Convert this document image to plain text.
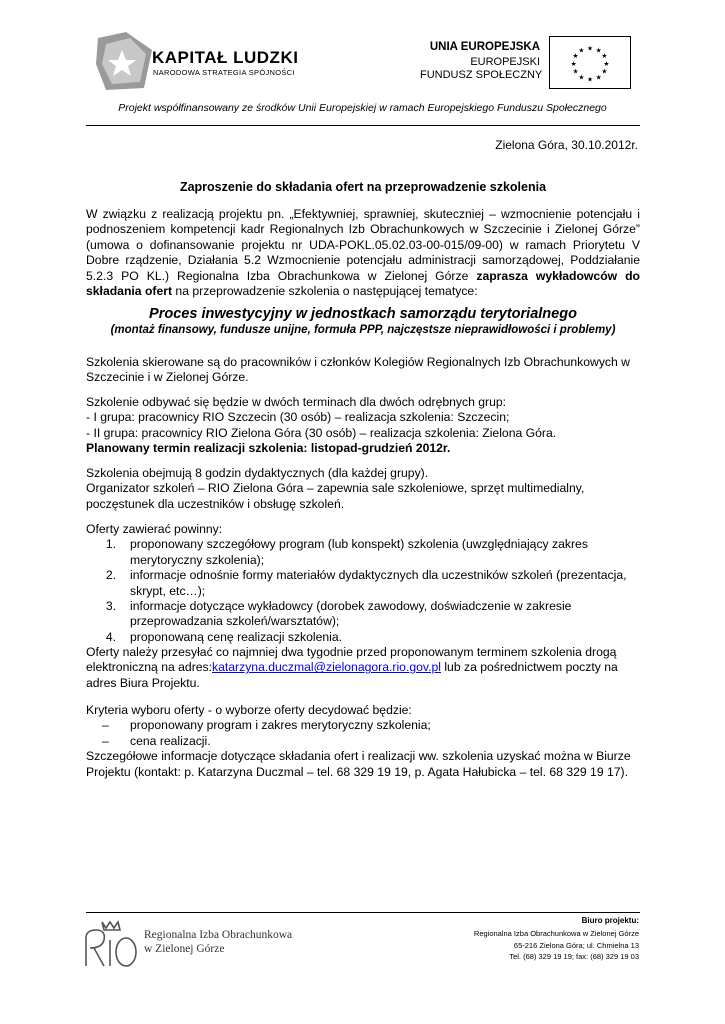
KAPITAŁ LUDZKI
NARODOWA STRATEGIA SPÓJNOŚCI
UNIA EUROPEJSKA
EUROPEJSKI
FUNDUSZ SPOŁECZNY
★ ★
★
★
★
★
★
★
★
★
★
★
Projekt współfinansowany ze środków Unii Europejskiej w ramach Europejskiego Funduszu Społecznego
Zielona Góra, 30.10.2012r.
Zaproszenie do składania ofert na przeprowadzenie szkolenia
W związku z realizacją projektu pn. „Efektywniej, sprawniej, skuteczniej – wzmocnienie potencjału i podnoszeniem kompetencji kadr Regionalnych Izb Obrachunkowych w Szczecinie i Zielonej Górze” (umowa o dofinansowanie projektu nr UDA-POKL.05.02.03-00-015/09-00) w ramach Priorytetu V Dobre rządzenie, Działania 5.2 Wzmocnienie potencjału administracji samorządowej, Poddziałanie 5.2.3 PO KL.) Regionalna Izba Obrachunkowa w Zielonej Górze zaprasza wykładowców do składania ofert na przeprowadzenie szkolenia o następującej tematyce:
Proces inwestycyjny w jednostkach samorządu terytorialnego
(montaż finansowy, fundusze unijne, formuła PPP, najczęstsze nieprawidłowości i problemy)
Szkolenia skierowane są do pracowników i członków Kolegiów Regionalnych Izb Obrachunkowych w Szczecinie i w Zielonej Górze.
Szkolenie odbywać się będzie w dwóch terminach dla dwóch odrębnych grup:
- I grupa: pracownicy RIO Szczecin (30 osób) – realizacja szkolenia: Szczecin;
- II grupa: pracownicy RIO Zielona Góra (30 osób) – realizacja szkolenia: Zielona Góra.
Planowany termin realizacji szkolenia: listopad-grudzień 2012r.
Szkolenia obejmują 8 godzin dydaktycznych (dla każdej grupy).
Organizator szkoleń – RIO Zielona Góra – zapewnia sale szkoleniowe, sprzęt multimedialny, poczęstunek dla uczestników i obsługę szkoleń.
Oferty zawierać powinny:
1. proponowany szczegółowy program (lub konspekt) szkolenia (uwzględniający zakres merytoryczny szkolenia);
2. informacje odnośnie formy materiałów dydaktycznych dla uczestników szkoleń (prezentacja, skrypt, etc…);
3. informacje dotyczące wykładowcy (dorobek zawodowy, doświadczenie w zakresie przeprowadzania szkoleń/warsztatów);
4. proponowaną cenę realizacji szkolenia.
Oferty należy przesyłać co najmniej dwa tygodnie przed proponowanym terminem szkolenia drogą elektroniczną na adres:katarzyna.duczmal@zielonagora.rio.gov.pl lub za pośrednictwem poczty na adres Biura Projektu.
Kryteria wyboru oferty - o wyborze oferty decydować będzie:
– proponowany program i zakres merytoryczny szkolenia;
– cena realizacji.
Szczegółowe informacje dotyczące składania ofert i realizacji ww. szkolenia uzyskać można w Biurze Projektu (kontakt: p. Katarzyna Duczmal – tel. 68 329 19 19, p. Agata Hałubicka – tel. 68 329 19 17).
Regionalna Izba Obrachunkowa
w Zielonej Górze
Biuro projektu:
Regionalna Izba Obrachunkowa w Zielonej Górze
65-216 Zielona Góra; ul. Chmielna 13
Tel. (68) 329 19 19; fax: (68) 329 19 03
